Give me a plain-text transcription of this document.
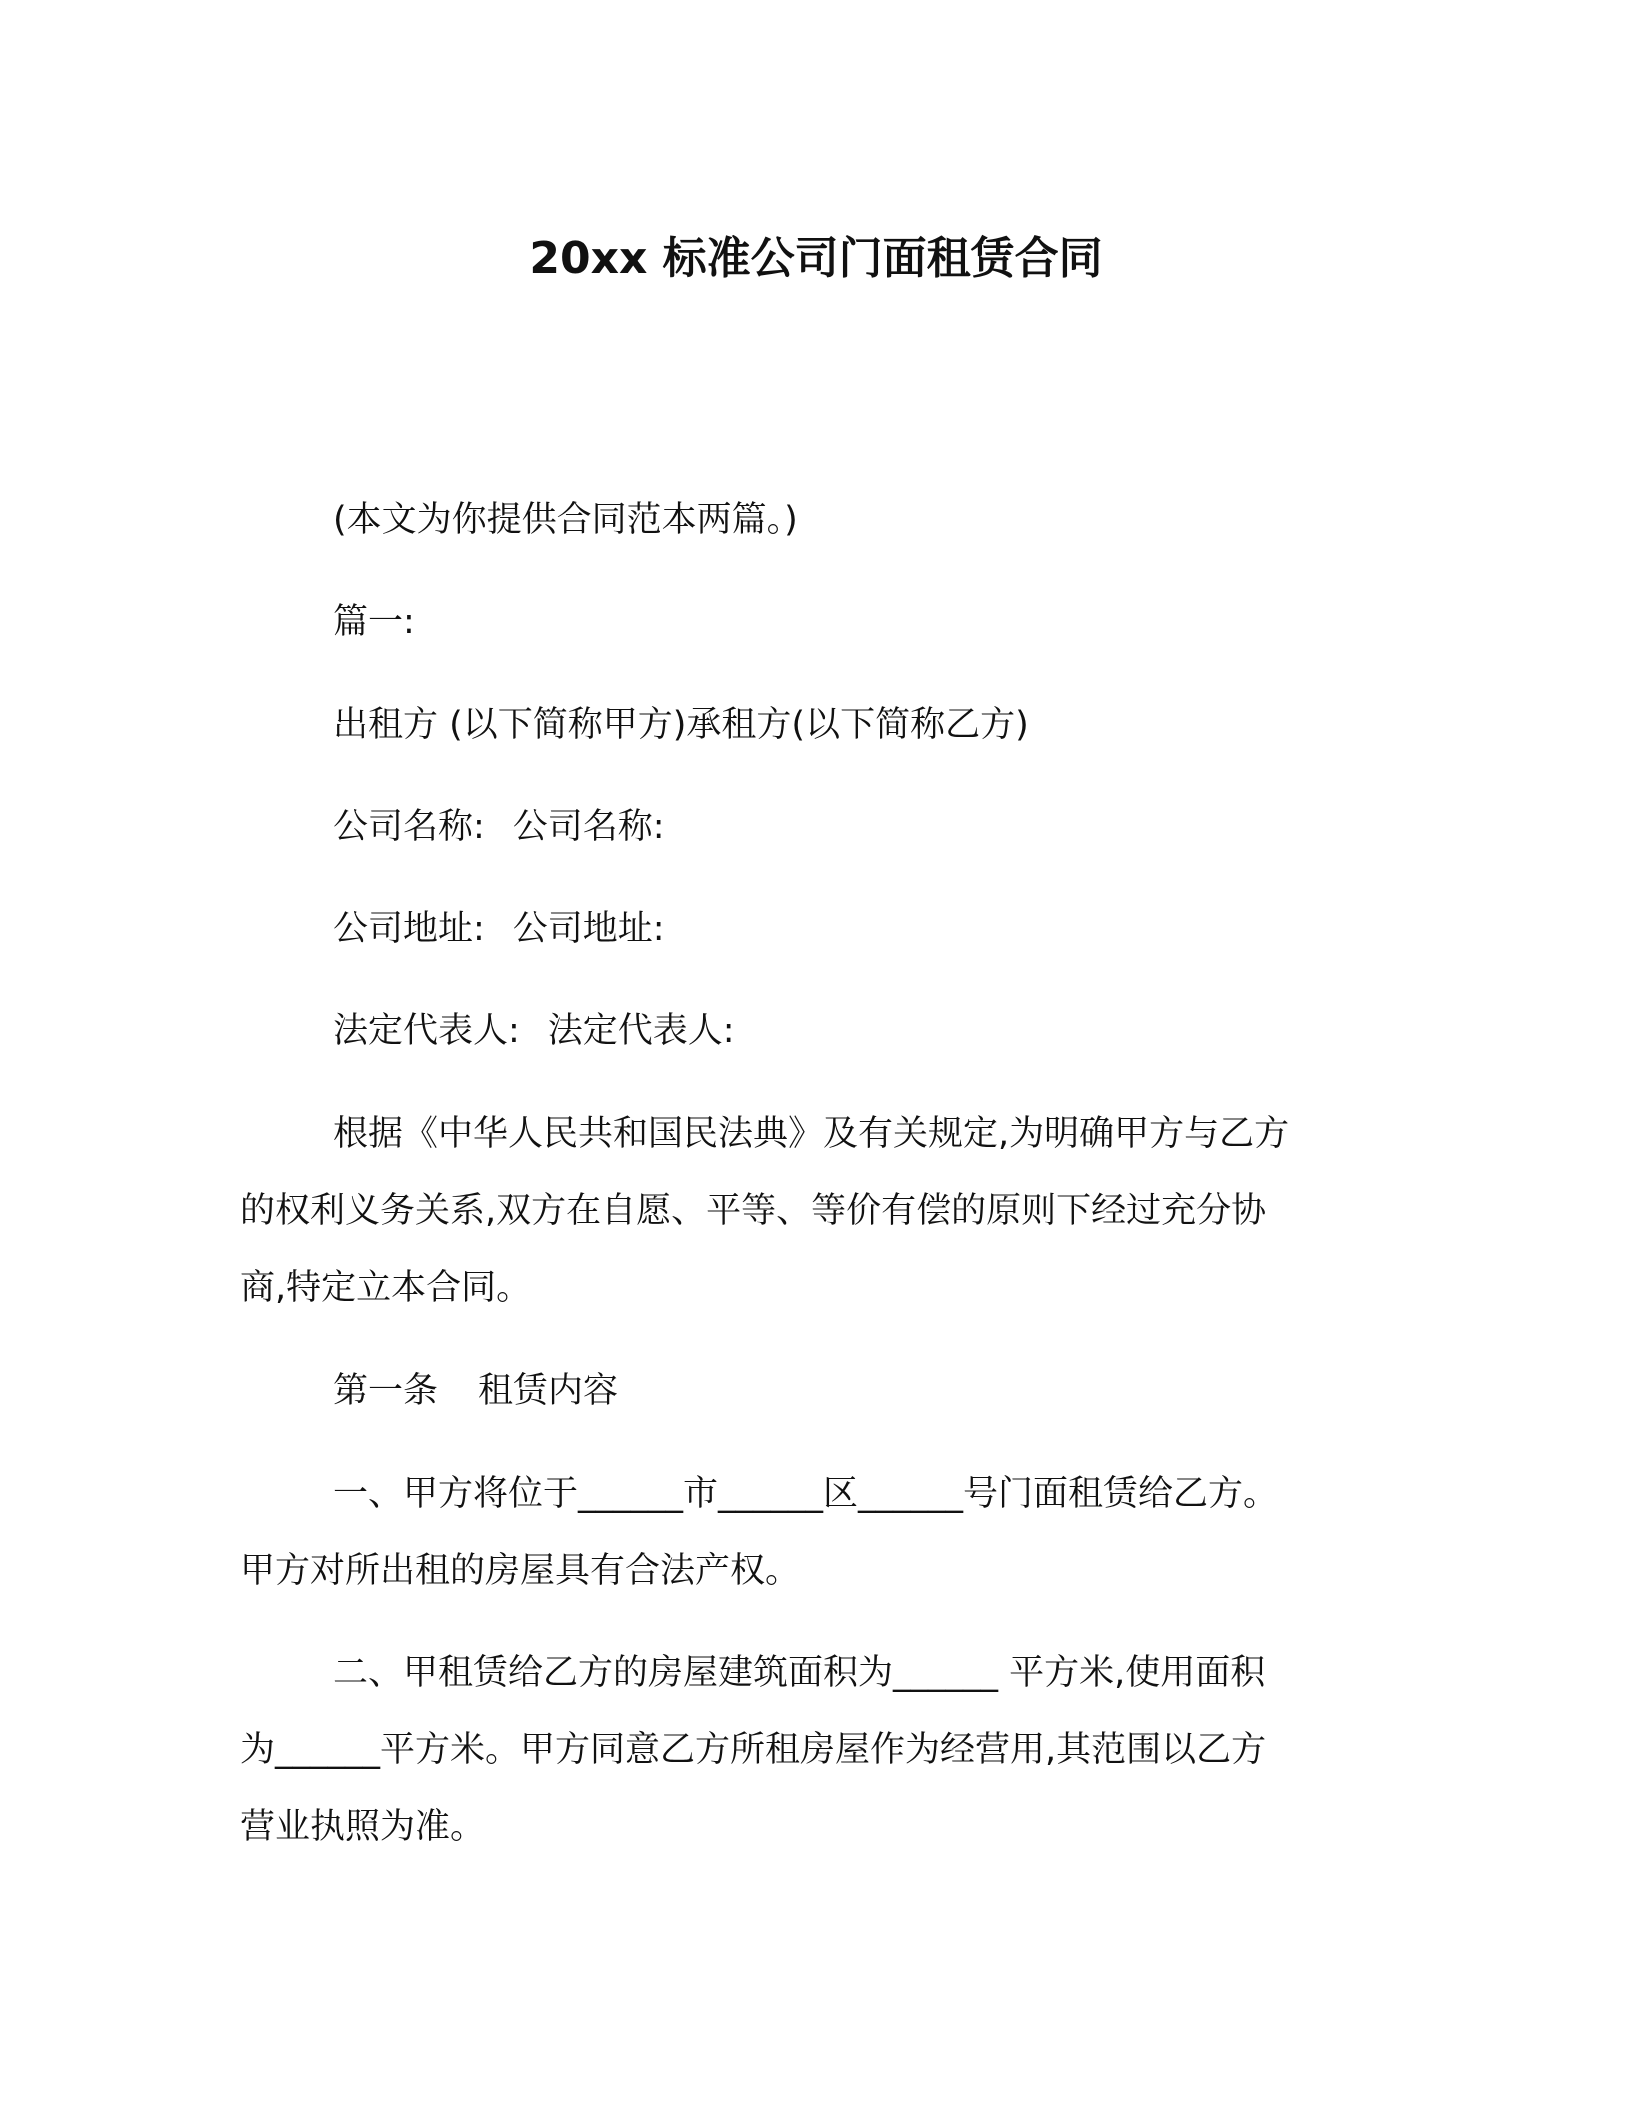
20xx 标准公司门面租赁合同
(本文为你提供合同范本两篇。)
篇一:
出租方 (以下简称甲方)承租方(以下简称乙方)
公司名称: 公司名称:
公司地址: 公司地址:
法定代表人: 法定代表人:
根据《中华人民共和国民法典》及有关规定,为明确甲方与乙方
的权利义务关系,双方在自愿、平等、等价有偿的原则下经过充分协
商,特定立本合同。
第一条 租赁内容
一、甲方将位于______市______区______号门面租赁给乙方。
甲方对所出租的房屋具有合法产权。
二、甲租赁给乙方的房屋建筑面积为______ 平方米,使用面积
为______平方米。甲方同意乙方所租房屋作为经营用,其范围以乙方
营业执照为准。
